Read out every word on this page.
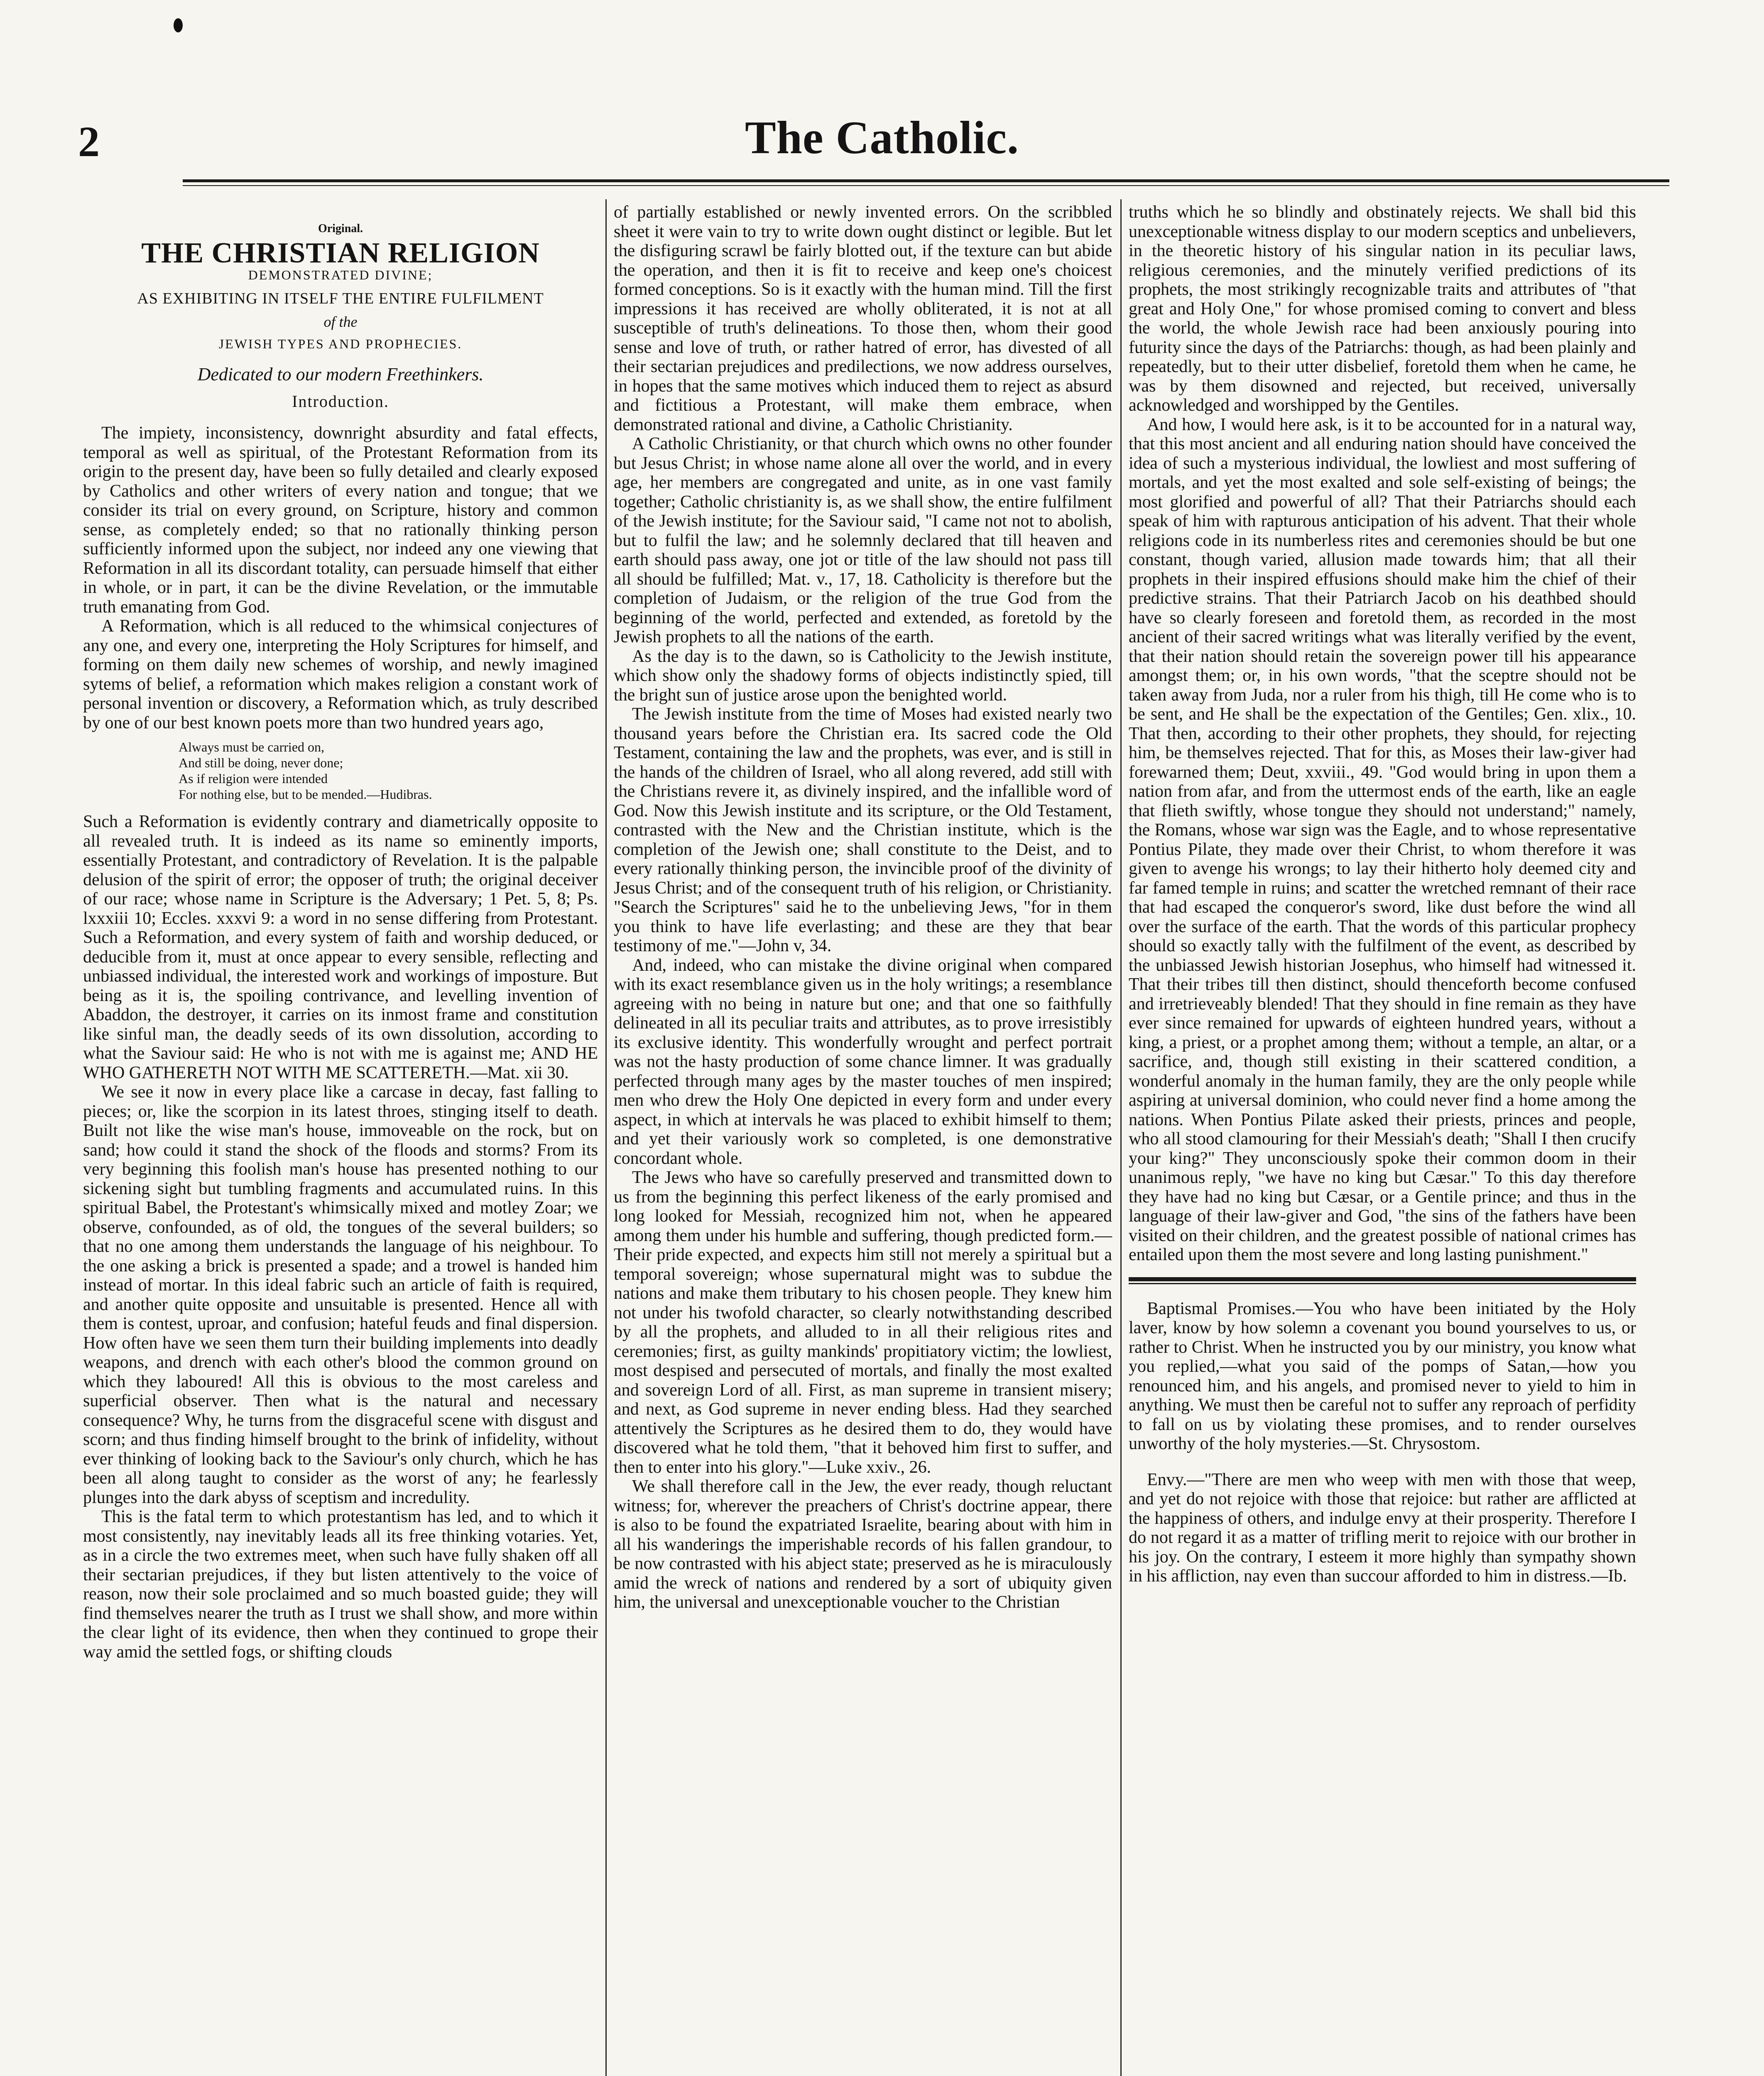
2	The Catholic.
Original.
THE CHRISTIAN RELIGION
DEMONSTRATED DIVINE;
AS EXHIBITING IN ITSELF THE ENTIRE FULFILMENT
of the
JEWISH TYPES AND PROPHECIES.
Dedicated to our modern Freethinkers.
Introduction.

The impiety, inconsistency, downright absurdity and fatal effects, temporal as well as spiritual, of the Protestant Reformation from its origin to the present day, have been so fully detailed and clearly exposed by Catholics and other writers of every nation and tongue; that we consider its trial on every ground, on Scripture, history and common sense, as completely ended; so that no rationally thinking person sufficiently informed upon the subject, nor indeed any one viewing that Reformation in all its discordant totality, can persuade himself that either in whole, or in part, it can be the divine Revelation, or the immutable truth emanating from God.

A Reformation, which is all reduced to the whimsical conjectures of any one, and every one, interpreting the Holy Scriptures for himself, and forming on them daily new schemes of worship, and newly imagined sytems of belief, a reformation which makes religion a constant work of personal invention or discovery, a Reformation which, as truly described by one of our best known poets more than two hundred years ago,

Always must be carried on,
And still be doing, never done;
As if religion were intended
For nothing else, but to be mended.—Hudibras.

Such a Reformation is evidently contrary and diametrically opposite to all revealed truth. It is indeed as its name so eminently imports, essentially Protestant, and contradictory of Revelation. It is the palpable delusion of the spirit of error; the opposer of truth; the original deceiver of our race; whose name in Scripture is the Adversary; 1 Pet. 5, 8; Ps. lxxxiii 10; Eccles. xxxvi 9: a word in no sense differing from Protestant. Such a Reformation, and every system of faith and worship deduced, or deducible from it, must at once appear to every sensible, reflecting and unbiassed individual, the interested work and workings of imposture. But being as it is, the spoiling contrivance, and levelling invention of Abaddon, the destroyer, it carries on its inmost frame and constitution like sinful man, the deadly seeds of its own dissolution, according to what the Saviour said: He who is not with me is against me; AND HE WHO GATHERETH NOT WITH ME SCATTERETH.—Mat. xii 30.

We see it now in every place like a carcase in decay, fast falling to pieces; or, like the scorpion in its latest throes, stinging itself to death. Built not like the wise man's house, immoveable on the rock, but on sand; how could it stand the shock of the floods and storms? From its very beginning this foolish man's house has presented nothing to our sickening sight but tumbling fragments and accumulated ruins. In this spiritual Babel, the Protestant's whimsically mixed and motley Zoar; we observe, confounded, as of old, the tongues of the several builders; so that no one among them understands the language of his neighbour. To the one asking a brick is presented a spade; and a trowel is handed him instead of mortar. In this ideal fabric such an article of faith is required, and another quite opposite and unsuitable is presented. Hence all with them is contest, uproar, and confusion; hateful feuds and final dispersion. How often have we seen them turn their building implements into deadly weapons, and drench with each other's blood the common ground on which they laboured! All this is obvious to the most careless and superficial observer. Then what is the natural and necessary consequence? Why, he turns from the disgraceful scene with disgust and scorn; and thus finding himself brought to the brink of infidelity, without ever thinking of looking back to the Saviour's only church, which he has been all along taught to consider as the worst of any; he fearlessly plunges into the dark abyss of sceptism and incredulity.

This is the fatal term to which protestantism has led, and to which it most consistently, nay inevitably leads all its free thinking votaries. Yet, as in a circle the two extremes meet, when such have fully shaken off all their sectarian prejudices, if they but listen attentively to the voice of reason, now their sole proclaimed and so much boasted guide; they will find themselves nearer the truth as I trust we shall show, and more within the clear light of its evidence, then when they continued to grope their way amid the settled fogs, or shifting clouds

of partially established or newly invented errors. On the scribbled sheet it were vain to try to write down ought distinct or legible. But let the disfiguring scrawl be fairly blotted out, if the texture can but abide the operation, and then it is fit to receive and keep one's choicest formed conceptions. So is it exactly with the human mind. Till the first impressions it has received are wholly obliterated, it is not at all susceptible of truth's delineations. To those then, whom their good sense and love of truth, or rather hatred of error, has divested of all their sectarian prejudices and predilections, we now address ourselves, in hopes that the same motives which induced them to reject as absurd and fictitious a Protestant, will make them embrace, when demonstrated rational and divine, a Catholic Christianity.

A Catholic Christianity, or that church which owns no other founder but Jesus Christ; in whose name alone all over the world, and in every age, her members are congregated and unite, as in one vast family together; Catholic christianity is, as we shall show, the entire fulfilment of the Jewish institute; for the Saviour said, "I came not not to abolish, but to fulfil the law; and he solemnly declared that till heaven and earth should pass away, one jot or title of the law should not pass till all should be fulfilled; Mat. v., 17, 18. Catholicity is therefore but the completion of Judaism, or the religion of the true God from the beginning of the world, perfected and extended, as foretold by the Jewish prophets to all the nations of the earth.

As the day is to the dawn, so is Catholicity to the Jewish institute, which show only the shadowy forms of objects indistinctly spied, till the bright sun of justice arose upon the benighted world.

The Jewish institute from the time of Moses had existed nearly two thousand years before the Christian era. Its sacred code the Old Testament, containing the law and the prophets, was ever, and is still in the hands of the children of Israel, who all along revered, add still with the Christians revere it, as divinely inspired, and the infallible word of God. Now this Jewish institute and its scripture, or the Old Testament, contrasted with the New and the Christian institute, which is the completion of the Jewish one; shall constitute to the Deist, and to every rationally thinking person, the invincible proof of the divinity of Jesus Christ; and of the consequent truth of his religion, or Christianity. "Search the Scriptures" said he to the unbelieving Jews, "for in them you think to have life everlasting; and these are they that bear testimony of me."—John v, 34.

And, indeed, who can mistake the divine original when compared with its exact resemblance given us in the holy writings; a resemblance agreeing with no being in nature but one; and that one so faithfully delineated in all its peculiar traits and attributes, as to prove irresistibly its exclusive identity. This wonderfully wrought and perfect portrait was not the hasty production of some chance limner. It was gradually perfected through many ages by the master touches of men inspired; men who drew the Holy One depicted in every form and under every aspect, in which at intervals he was placed to exhibit himself to them; and yet their variously work so completed, is one demonstrative concordant whole.

The Jews who have so carefully preserved and transmitted down to us from the beginning this perfect likeness of the early promised and long looked for Messiah, recognized him not, when he appeared among them under his humble and suffering, though predicted form.—Their pride expected, and expects him still not merely a spiritual but a temporal sovereign; whose supernatural might was to subdue the nations and make them tributary to his chosen people. They knew him not under his twofold character, so clearly notwithstanding described by all the prophets, and alluded to in all their religious rites and ceremonies; first, as guilty mankinds' propitiatory victim; the lowliest, most despised and persecuted of mortals, and finally the most exalted and sovereign Lord of all. First, as man supreme in transient misery; and next, as God supreme in never ending bless. Had they searched attentively the Scriptures as he desired them to do, they would have discovered what he told them, "that it behoved him first to suffer, and then to enter into his glory."—Luke xxiv., 26.

We shall therefore call in the Jew, the ever ready, though reluctant witness; for, wherever the preachers of Christ's doctrine appear, there is also to be found the expatriated Israelite, bearing about with him in all his wanderings the imperishable records of his fallen grandour, to be now contrasted with his abject state; preserved as he is miraculously amid the wreck of nations and rendered by a sort of ubiquity given him, the universal and unexceptionable voucher to the Christian

truths which he so blindly and obstinately rejects. We shall bid this unexceptionable witness display to our modern sceptics and unbelievers, in the theoretic history of his singular nation in its peculiar laws, religious ceremonies, and the minutely verified predictions of its prophets, the most strikingly recognizable traits and attributes of "that great and Holy One," for whose promised coming to convert and bless the world, the whole Jewish race had been anxiously pouring into futurity since the days of the Patriarchs: though, as had been plainly and repeatedly, but to their utter disbelief, foretold them when he came, he was by them disowned and rejected, but received, universally acknowledged and worshipped by the Gentiles.

And how, I would here ask, is it to be accounted for in a natural way, that this most ancient and all enduring nation should have conceived the idea of such a mysterious individual, the lowliest and most suffering of mortals, and yet the most exalted and sole self-existing of beings; the most glorified and powerful of all? That their Patriarchs should each speak of him with rapturous anticipation of his advent. That their whole religions code in its numberless rites and ceremonies should be but one constant, though varied, allusion made towards him; that all their prophets in their inspired effusions should make him the chief of their predictive strains. That their Patriarch Jacob on his deathbed should have so clearly foreseen and foretold them, as recorded in the most ancient of their sacred writings what was literally verified by the event, that their nation should retain the sovereign power till his appearance amongst them; or, in his own words, "that the sceptre should not be taken away from Juda, nor a ruler from his thigh, till He come who is to be sent, and He shall be the expectation of the Gentiles; Gen. xlix., 10. That then, according to their other prophets, they should, for rejecting him, be themselves rejected. That for this, as Moses their law-giver had forewarned them; Deut, xxviii., 49. "God would bring in upon them a nation from afar, and from the uttermost ends of the earth, like an eagle that flieth swiftly, whose tongue they should not understand;" namely, the Romans, whose war sign was the Eagle, and to whose representative Pontius Pilate, they made over their Christ, to whom therefore it was given to avenge his wrongs; to lay their hitherto holy deemed city and far famed temple in ruins; and scatter the wretched remnant of their race that had escaped the conqueror's sword, like dust before the wind all over the surface of the earth. That the words of this particular prophecy should so exactly tally with the fulfilment of the event, as described by the unbiassed Jewish historian Josephus, who himself had witnessed it. That their tribes till then distinct, should thenceforth become confused and irretrieveably blended! That they should in fine remain as they have ever since remained for upwards of eighteen hundred years, without a king, a priest, or a prophet among them; without a temple, an altar, or a sacrifice, and, though still existing in their scattered condition, a wonderful anomaly in the human family, they are the only people while aspiring at universal dominion, who could never find a home among the nations. When Pontius Pilate asked their priests, princes and people, who all stood clamouring for their Messiah's death; "Shall I then crucify your king?" They unconsciously spoke their common doom in their unanimous reply, "we have no king but Cæsar." To this day therefore they have had no king but Cæsar, or a Gentile prince; and thus in the language of their law-giver and God, "the sins of the fathers have been visited on their children, and the greatest possible of national crimes has entailed upon them the most severe and long lasting punishment."

Baptismal Promises.—You who have been initiated by the Holy laver, know by how solemn a covenant you bound yourselves to us, or rather to Christ. When he instructed you by our ministry, you know what you replied,—what you said of the pomps of Satan,—how you renounced him, and his angels, and promised never to yield to him in anything. We must then be careful not to suffer any reproach of perfidity to fall on us by violating these promises, and to render ourselves unworthy of the holy mysteries.—St. Chrysostom.

Envy.—"There are men who weep with men with those that weep, and yet do not rejoice with those that rejoice: but rather are afflicted at the happiness of others, and indulge envy at their prosperity. Therefore I do not regard it as a matter of trifling merit to rejoice with our brother in his joy. On the contrary, I esteem it more highly than sympathy shown in his affliction, nay even than succour afforded to him in distress.—Ib.
